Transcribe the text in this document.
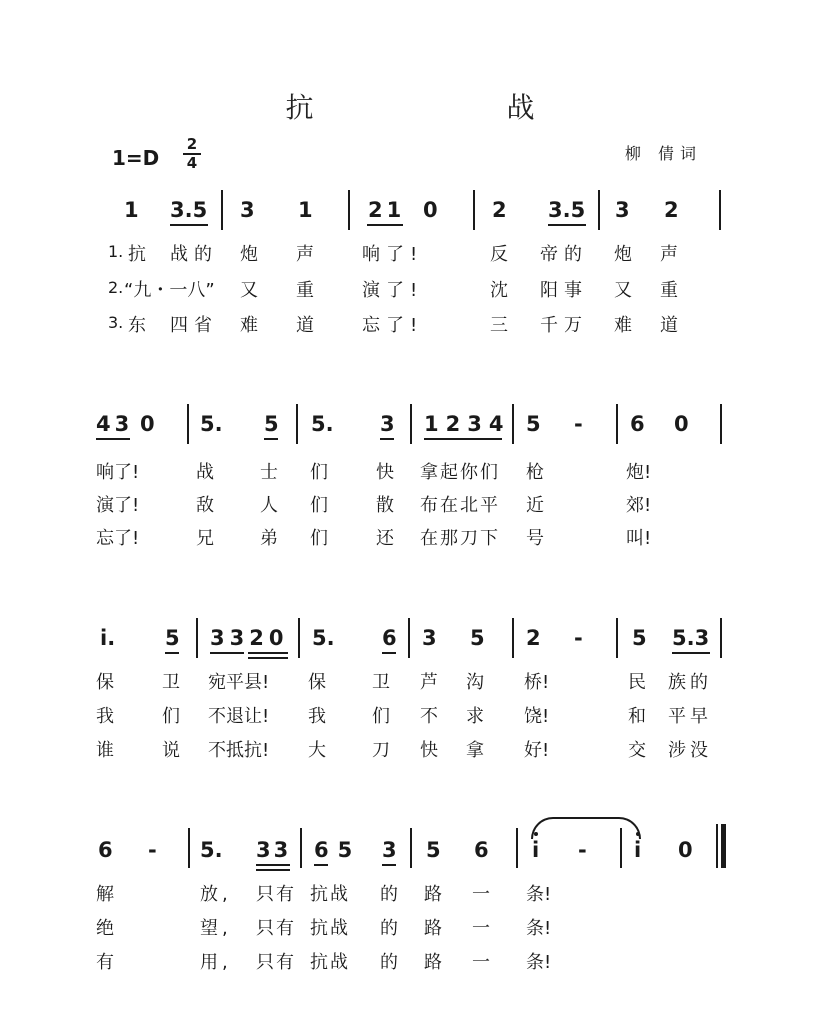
抗 战
1=D
2
4	柳 倩词
1 3.5 3 1	21 0	2 3.5 3 2
1. 抗 战的 炮 声	响了!	反 帝的 炮 声
2. “九・一八” 又 重	演了!	沈 阳事 又 重
3. 东 四省 难 道	忘了!	三 千万 难 道
43 0 5. 5 5. 3 1234 5 - 6 0
响了!	战	士 们	快 拿起你们 枪	炮!
演了!	敌	人 们	散 布在北平 近	郊!
忘了!	兄	弟 们	还 在那刀下 号	叫!
i. 5 3320 5. 6 3 5 2 - 5 5.3
保	卫 宛平县! 保	卫 芦 沟 桥!	民 族的
我	们 不退让! 我	们 不 求 饶!	和 平早
谁	说 不抵抗! 大	刀 快 拿 好!	交 涉没
6 - 5. 33 65 3 5 6 i - i 0
解	放, 只有 抗战 的 路 一 条!
绝	望, 只有 抗战 的 路 一 条!
有	用, 只有 抗战 的 路 一 条!
